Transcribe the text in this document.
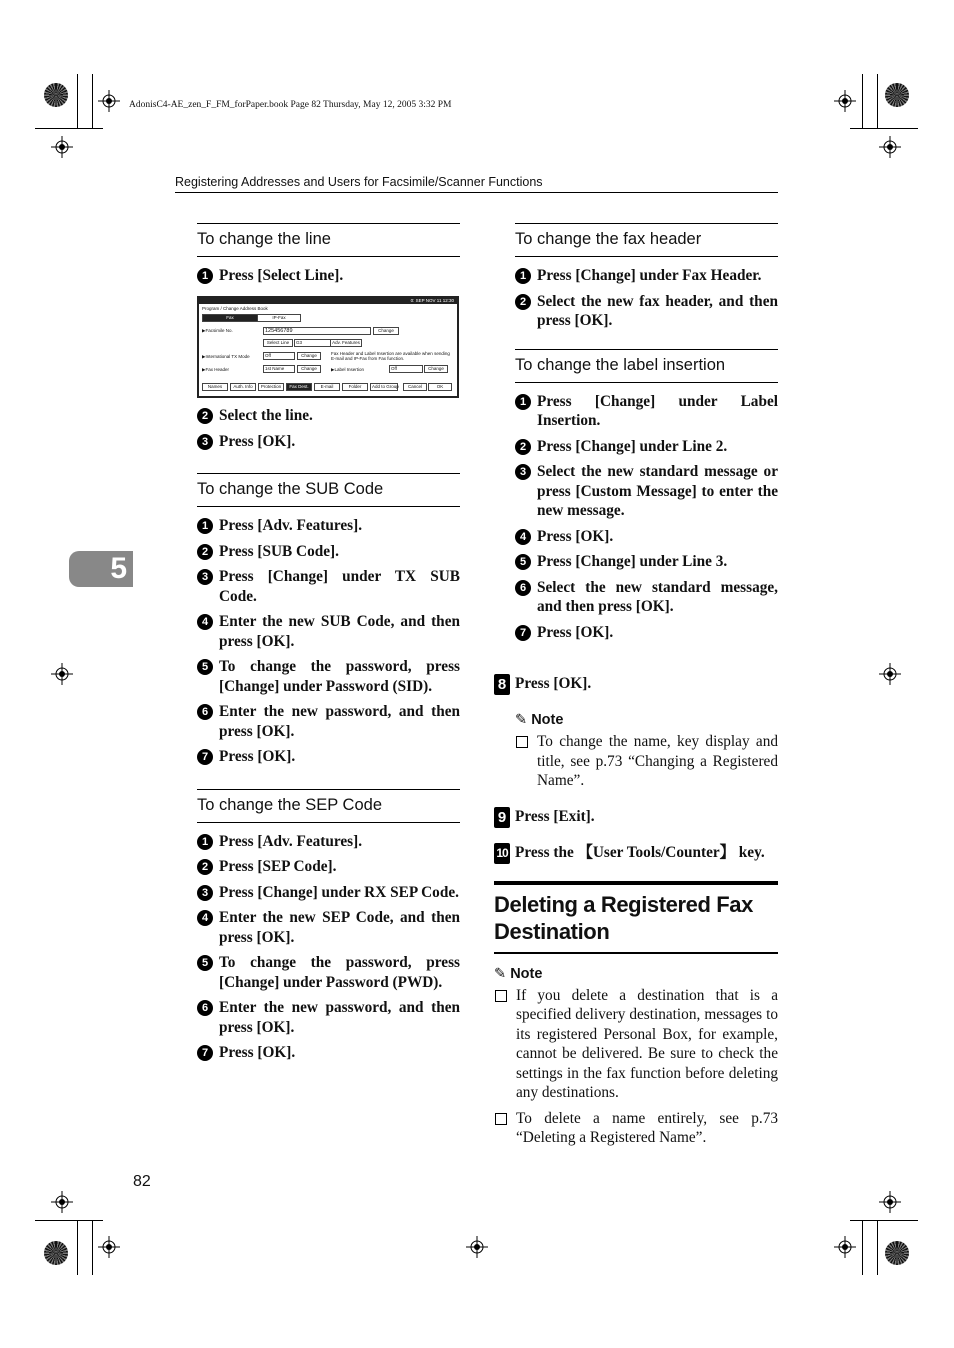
AdonisC4-AE_zen_F_FM_forPaper.book Page 82 Thursday, May 12, 2005 3:32 PM
Registering Addresses and Users for Facsimile/Scanner Functions
5
To change the line
1 Press [Select Line].
0: SEP NOV 11 12:30
Program / Change Address Book
Fax	IP-Fax
▶Facsimile No.	125456789	Change
Select Line	G3	Adv. Features
▶International TX Mode	Off	Change	Fax Header and Label Insertion are available when sending E-mail and IP-Fax from Fax function.
▶Fax Header	1st Name	Change	▶Label Insertion	Off	Change
Names	Auth. Info	Protection	Fax Dest.	E-mail	Folder	Add to Group	Cancel	OK
2 Select the line.
3 Press [OK].
To change the SUB Code
1 Press [Adv. Features].
2 Press [SUB Code].
3 Press [Change] under TX SUB Code.
4 Enter the new SUB Code, and then press [OK].
5 To change the password, press [Change] under Password (SID).
6 Enter the new password, and then press [OK].
7 Press [OK].
To change the SEP Code
1 Press [Adv. Features].
2 Press [SEP Code].
3 Press [Change] under RX SEP Code.
4 Enter the new SEP Code, and then press [OK].
5 To change the password, press [Change] under Password (PWD).
6 Enter the new password, and then press [OK].
7 Press [OK].
To change the fax header
1 Press [Change] under Fax Header.
2 Select the new fax header, and then press [OK].
To change the label insertion
1 Press [Change] under Label Insertion.
2 Press [Change] under Line 2.
3 Select the new standard message or press [Custom Message] to enter the new message.
4 Press [OK].
5 Press [Change] under Line 3.
6 Select the new standard message, and then press [OK].
7 Press [OK].
8 Press [OK].
✎ Note
To change the name, key display and title, see p.73 “Changing a Registered Name”.
9 Press [Exit].
10 Press the 【User Tools/Counter】 key.
Deleting a Registered Fax Destination
✎ Note
If you delete a destination that is a specified delivery destination, messages to its registered Personal Box, for example, cannot be delivered. Be sure to check the settings in the fax function before deleting any destinations.
To delete a name entirely, see p.73 “Deleting a Registered Name”.
82
